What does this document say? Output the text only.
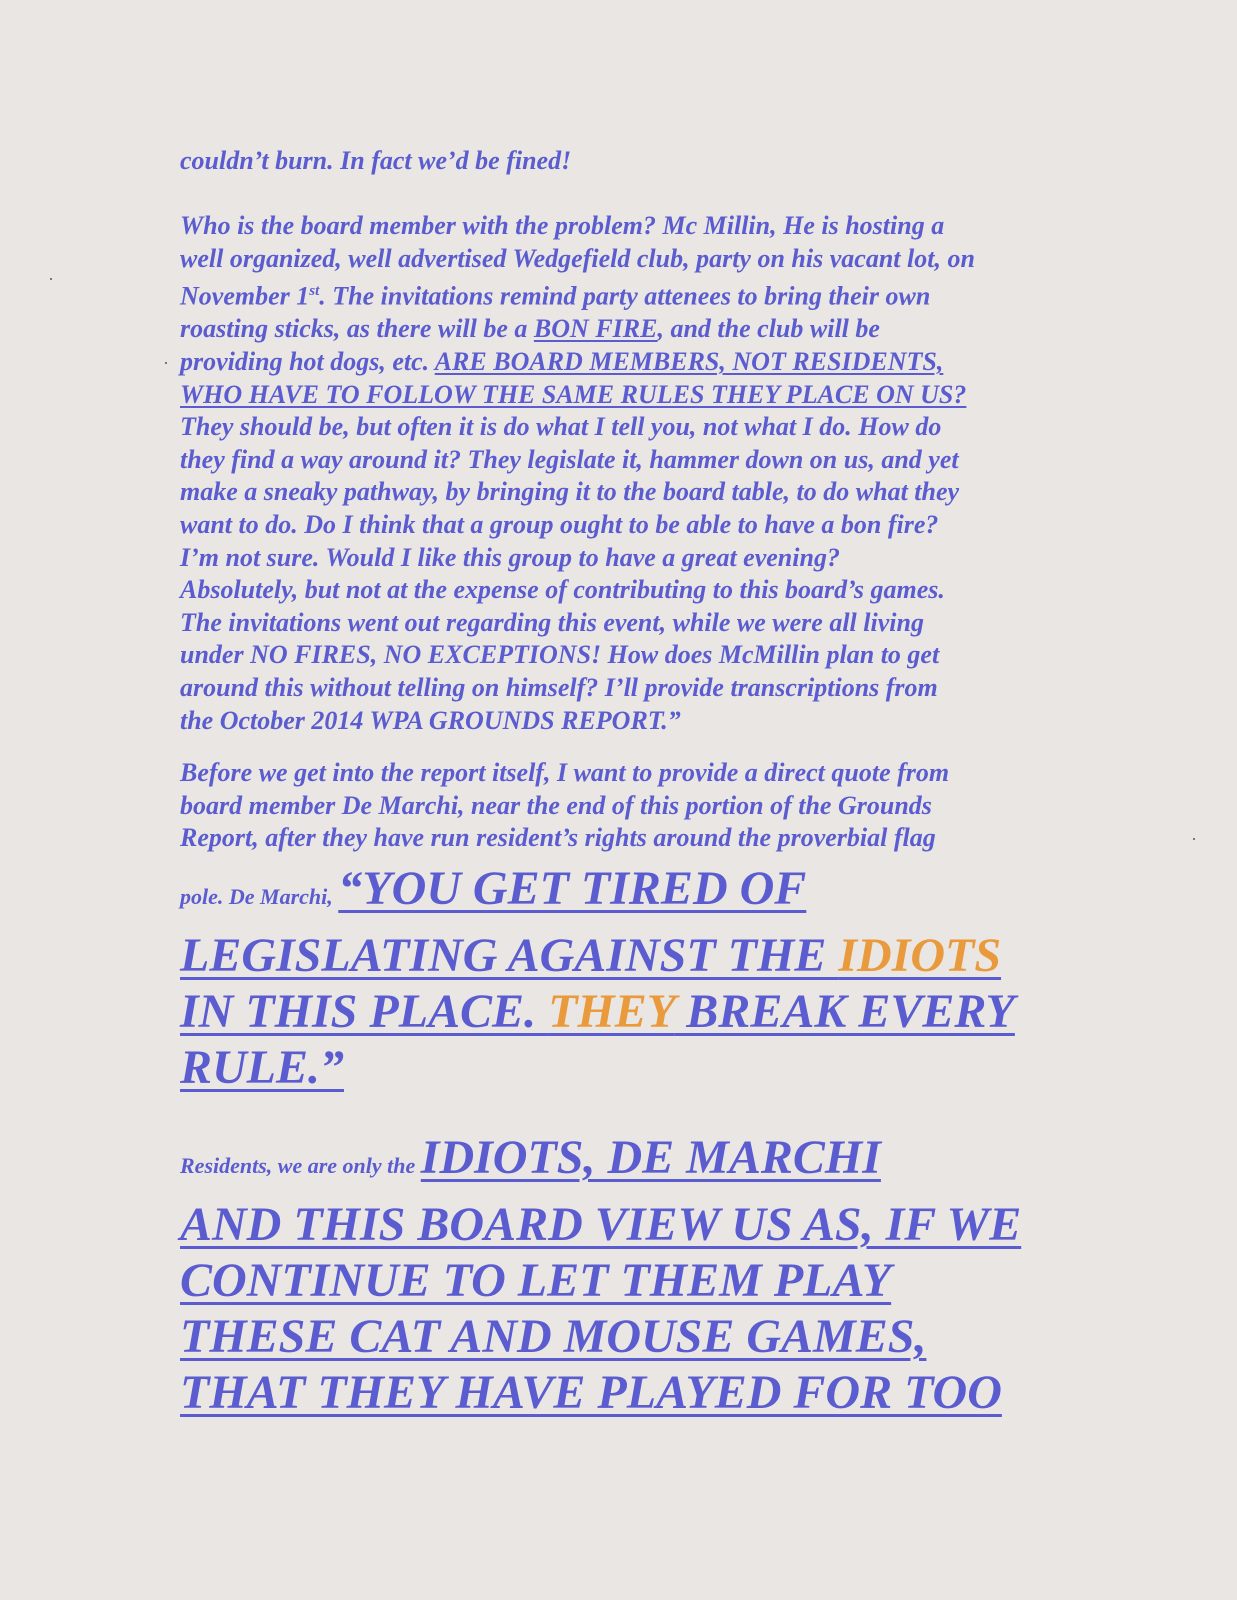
couldn’t burn. In fact we’d be fined!

Who is the board member with the problem? Mc Millin, He is hosting a
well organized, well advertised Wedgefield club, party on his vacant lot, on
November 1st. The invitations remind party attenees to bring their own
roasting sticks, as there will be a BON FIRE, and the club will be
providing hot dogs, etc. ARE BOARD MEMBERS, NOT RESIDENTS,
WHO HAVE TO FOLLOW THE SAME RULES THEY PLACE ON US?
They should be, but often it is do what I tell you, not what I do. How do
they find a way around it? They legislate it, hammer down on us, and yet
make a sneaky pathway, by bringing it to the board table, to do what they
want to do. Do I think that a group ought to be able to have a bon fire?
I’m not sure. Would I like this group to have a great evening?
Absolutely, but not at the expense of contributing to this board’s games.
The invitations went out regarding this event, while we were all living
under NO FIRES, NO EXCEPTIONS! How does McMillin plan to get
around this without telling on himself? I’ll provide transcriptions from
the October 2014 WPA GROUNDS REPORT.”

Before we get into the report itself, I want to provide a direct quote from
board member De Marchi, near the end of this portion of the Grounds
Report, after they have run resident’s rights around the proverbial flag

pole. De Marchi, “YOU GET TIRED OF
LEGISLATING AGAINST THE IDIOTS
IN THIS PLACE. THEY BREAK EVERY
RULE.”
Residents, we are only the IDIOTS, DE MARCHI
AND THIS BOARD VIEW US AS, IF WE
CONTINUE TO LET THEM PLAY
THESE CAT AND MOUSE GAMES,
THAT THEY HAVE PLAYED FOR TOO
